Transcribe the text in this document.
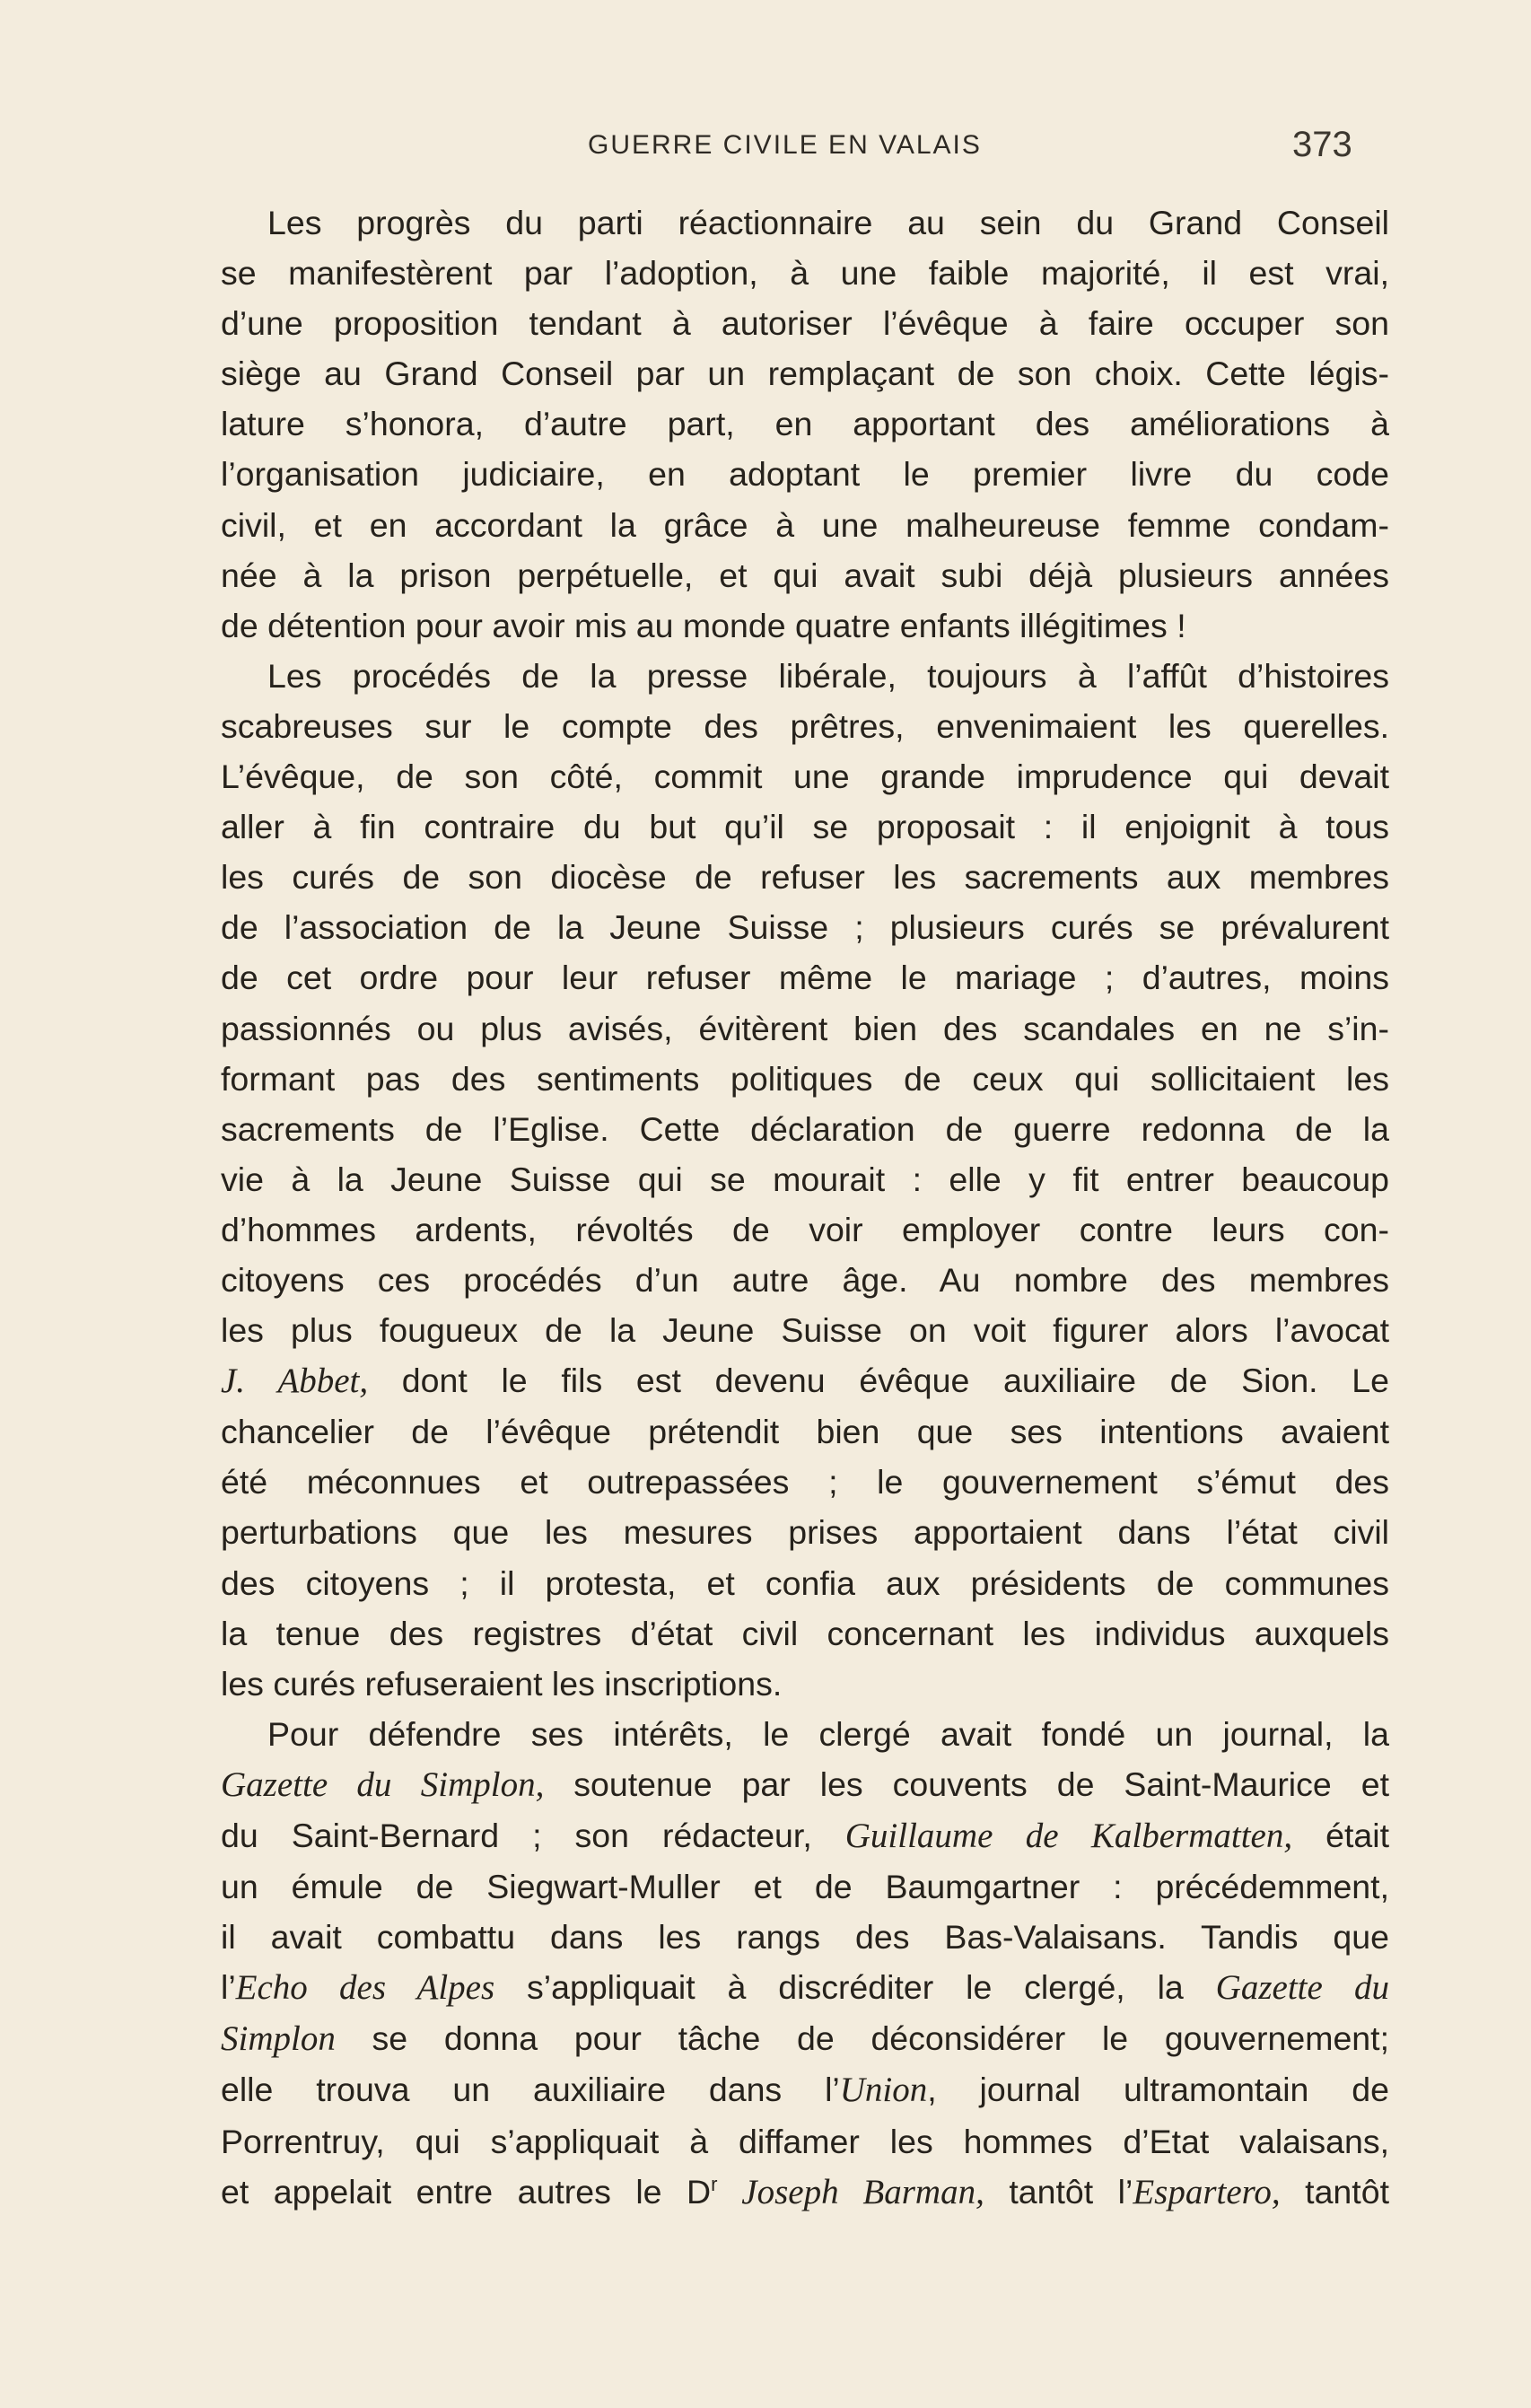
GUERRE CIVILE EN VALAIS	373

Les progrès du parti réactionnaire au sein du Grand Conseil
se manifestèrent par l’adoption, à une faible majorité, il est vrai,
d’une proposition tendant à autoriser l’évêque à faire occuper son
siège au Grand Conseil par un remplaçant de son choix. Cette légis-
lature s’honora, d’autre part, en apportant des améliorations à
l’organisation judiciaire, en adoptant le premier livre du code
civil, et en accordant la grâce à une malheureuse femme condam-
née à la prison perpétuelle, et qui avait subi déjà plusieurs années
de détention pour avoir mis au monde quatre enfants illégitimes !

Les procédés de la presse libérale, toujours à l’affût d’histoires
scabreuses sur le compte des prêtres, envenimaient les querelles.
L’évêque, de son côté, commit une grande imprudence qui devait
aller à fin contraire du but qu’il se proposait : il enjoignit à tous
les curés de son diocèse de refuser les sacrements aux membres
de l’association de la Jeune Suisse ; plusieurs curés se prévalurent
de cet ordre pour leur refuser même le mariage ; d’autres, moins
passionnés ou plus avisés, évitèrent bien des scandales en ne s’in-
formant pas des sentiments politiques de ceux qui sollicitaient les
sacrements de l’Eglise. Cette déclaration de guerre redonna de la
vie à la Jeune Suisse qui se mourait : elle y fit entrer beaucoup
d’hommes ardents, révoltés de voir employer contre leurs con-
citoyens ces procédés d’un autre âge. Au nombre des membres
les plus fougueux de la Jeune Suisse on voit figurer alors l’avocat
J. Abbet, dont le fils est devenu évêque auxiliaire de Sion. Le
chancelier de l’évêque prétendit bien que ses intentions avaient
été méconnues et outrepassées ; le gouvernement s’émut des
perturbations que les mesures prises apportaient dans l’état civil
des citoyens ; il protesta, et confia aux présidents de communes
la tenue des registres d’état civil concernant les individus auxquels
les curés refuseraient les inscriptions.

Pour défendre ses intérêts, le clergé avait fondé un journal, la
Gazette du Simplon, soutenue par les couvents de Saint-Maurice et
du Saint-Bernard ; son rédacteur, Guillaume de Kalbermatten, était
un émule de Siegwart-Muller et de Baumgartner : précédemment,
il avait combattu dans les rangs des Bas-Valaisans. Tandis que
l’Echo des Alpes s’appliquait à discréditer le clergé, la Gazette du
Simplon se donna pour tâche de déconsidérer le gouvernement;
elle trouva un auxiliaire dans l’Union, journal ultramontain de
Porrentruy, qui s’appliquait à diffamer les hommes d’Etat valaisans,
et appelait entre autres le $D^r$ Joseph Barman, tantôt l’Espartero, tantôt
